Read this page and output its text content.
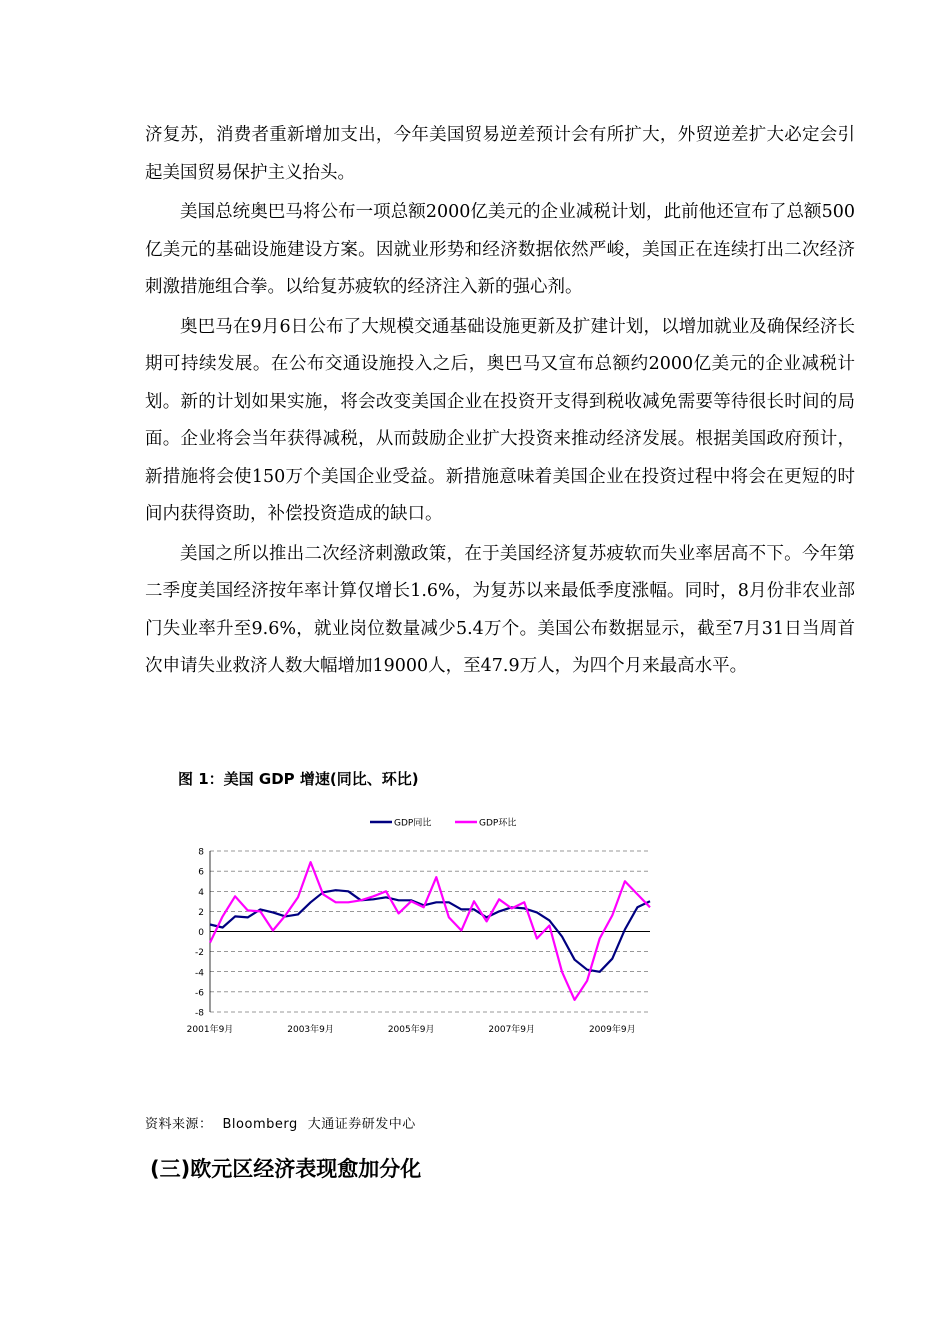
济复苏，消费者重新增加支出，今年美国贸易逆差预计会有所扩大，外贸逆差扩大必定会引起美国贸易保护主义抬头。

美国总统奥巴马将公布一项总额2000亿美元的企业减税计划，此前他还宣布了总额500亿美元的基础设施建设方案。因就业形势和经济数据依然严峻，美国正在连续打出二次经济刺激措施组合拳。以给复苏疲软的经济注入新的强心剂。

奥巴马在9月6日公布了大规模交通基础设施更新及扩建计划，以增加就业及确保经济长期可持续发展。在公布交通设施投入之后，奥巴马又宣布总额约2000亿美元的企业减税计划。新的计划如果实施，将会改变美国企业在投资开支得到税收减免需要等待很长时间的局面。企业将会当年获得减税，从而鼓励企业扩大投资来推动经济发展。根据美国政府预计，新措施将会使150万个美国企业受益。新措施意味着美国企业在投资过程中将会在更短的时间内获得资助，补偿投资造成的缺口。

美国之所以推出二次经济刺激政策，在于美国经济复苏疲软而失业率居高不下。今年第二季度美国经济按年率计算仅增长1.6%，为复苏以来最低季度涨幅。同时，8月份非农业部门失业率升至9.6%，就业岗位数量减少5.4万个。美国公布数据显示，截至7月31日当周首次申请失业救济人数大幅增加19000人，至47.9万人，为四个月来最高水平。

图 1：美国 GDP 增速(同比、环比)
GDP同比	GDP环比
-8
-6
-4
-2
0
2
4
6
8
2001年9月	2003年9月	2005年9月	2007年9月	2009年9月
资料来源： Bloomberg 大通证券研发中心
(三)欧元区经济表现愈加分化
